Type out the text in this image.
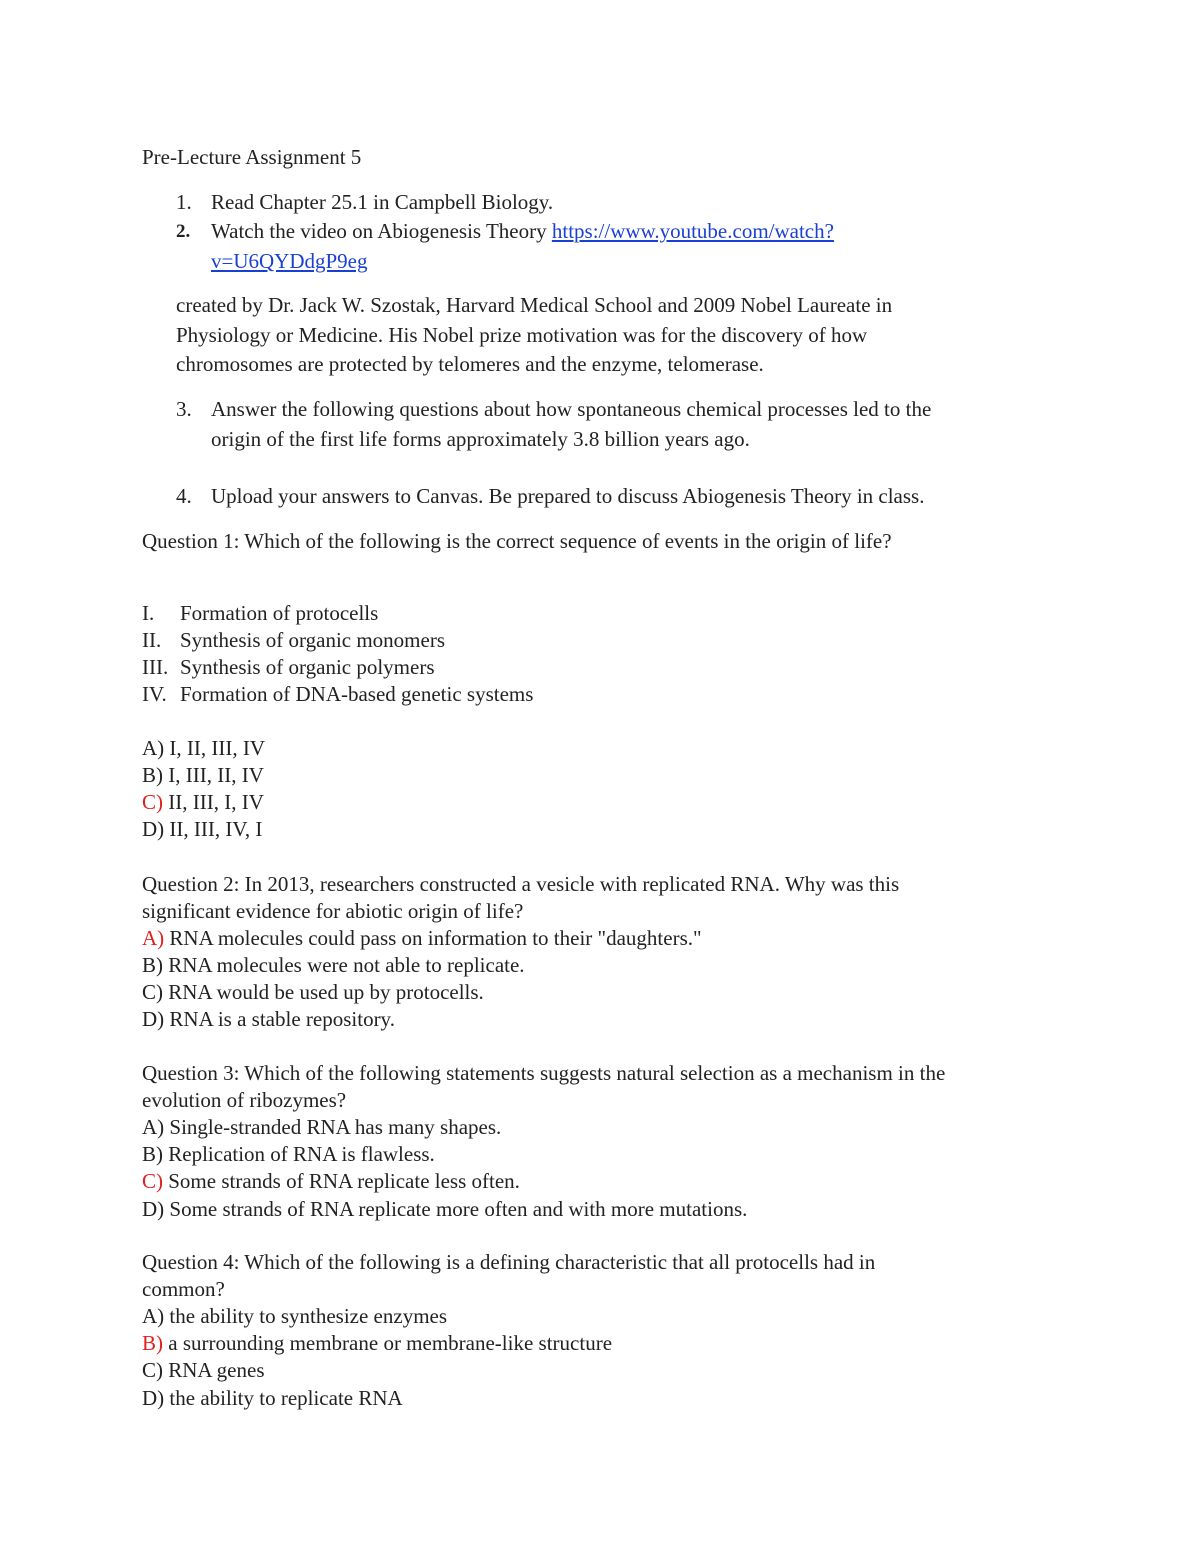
Pre-Lecture Assignment 5
1. Read Chapter 25.1 in Campbell Biology.
2. Watch the video on Abiogenesis Theory https://www.youtube.com/watch?
v=U6QYDdgP9eg
created by Dr. Jack W. Szostak, Harvard Medical School and 2009 Nobel Laureate in
Physiology or Medicine. His Nobel prize motivation was for the discovery of how
chromosomes are protected by telomeres and the enzyme, telomerase.
3. Answer the following questions about how spontaneous chemical processes led to the
origin of the first life forms approximately 3.8 billion years ago.
4. Upload your answers to Canvas. Be prepared to discuss Abiogenesis Theory in class.
Question 1: Which of the following is the correct sequence of events in the origin of life?
I. Formation of protocells
II. Synthesis of organic monomers
III. Synthesis of organic polymers
IV. Formation of DNA-based genetic systems
A) I, II, III, IV
B) I, III, II, IV
C) II, III, I, IV
D) II, III, IV, I
Question 2: In 2013, researchers constructed a vesicle with replicated RNA. Why was this
significant evidence for abiotic origin of life?
A) RNA molecules could pass on information to their "daughters."
B) RNA molecules were not able to replicate.
C) RNA would be used up by protocells.
D) RNA is a stable repository.
Question 3: Which of the following statements suggests natural selection as a mechanism in the
evolution of ribozymes?
A) Single-stranded RNA has many shapes.
B) Replication of RNA is flawless.
C) Some strands of RNA replicate less often.
D) Some strands of RNA replicate more often and with more mutations.
Question 4: Which of the following is a defining characteristic that all protocells had in
common?
A) the ability to synthesize enzymes
B) a surrounding membrane or membrane-like structure
C) RNA genes
D) the ability to replicate RNA
